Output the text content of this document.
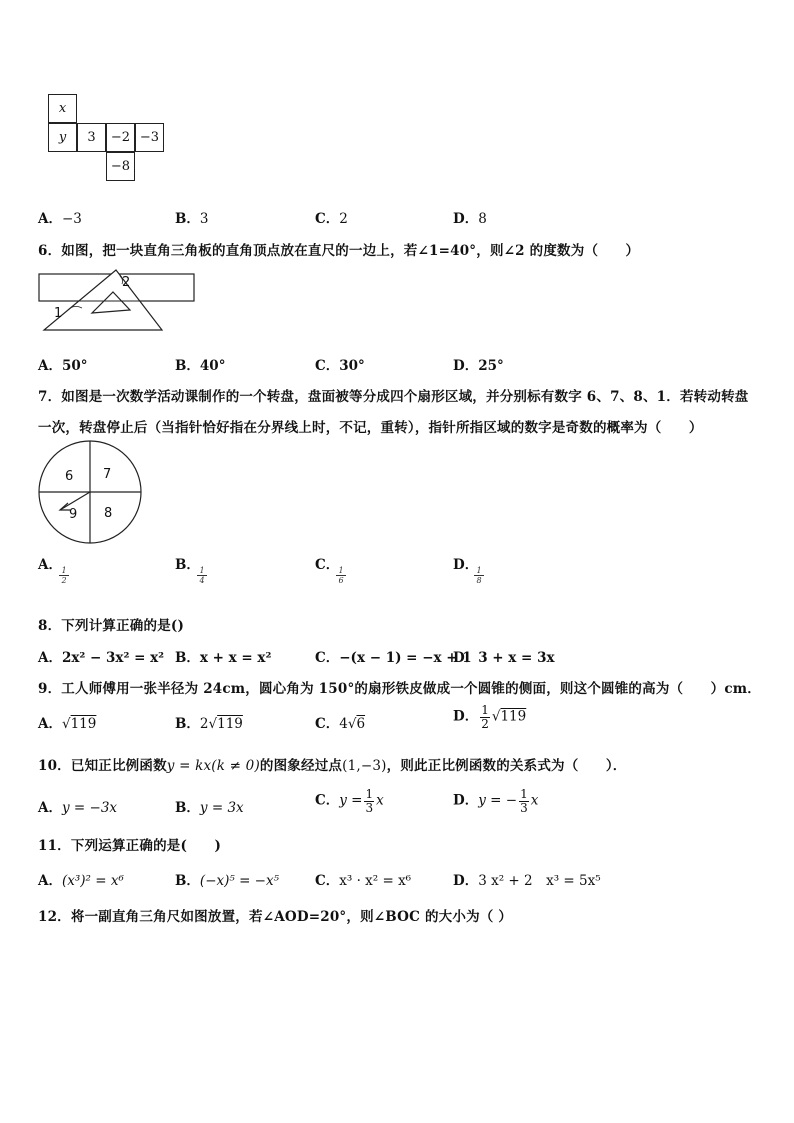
x
y	3	−2 −3
−8
A．−3	B．3	C．2	D．8
6．如图，把一块直角三角板的直角顶点放在直尺的一边上，若∠1=40°，则∠2 的度数为（　　）
1
2
A．50°	B．40°	C．30°	D．25°
7．如图是一次数学活动课制作的一个转盘，盘面被等分成四个扇形区域，并分别标有数字 6、7、8、1．若转动转盘
一次，转盘停止后（当指针恰好指在分界线上时，不记，重转），指针所指区域的数字是奇数的概率为（　　）
6 7
9 8
A．
$\frac{1}{2}$
B．
$\frac{1}{4}$
C．
$\frac{1}{6}$
D．
$\frac{1}{8}$
8．下列计算正确的是()
A．2x² − 3x² = x² B．x + x = x²	C．−(x − 1) = −x + 1
D．3 + x = 3x
9．工人师傅用一张半径为 24cm，圆心角为 150°的扇形铁皮做成一个圆锥的侧面，则这个圆锥的高为（　　）cm．
A．√119	B．2√119	C．4√6	D． $\frac{1}{2} √119$
10．已知正比例函数y = kx(k ≠ 0)的图象经过点(1,−3)，则此正比例函数的关系式为（　　）．
A．y = −3x	B．y = 3x	C．$y = \frac{1}{3}$ x	D．y = − $\frac{1}{3}$ x
11．下列运算正确的是(　　)
A．(x³)² = x⁶	B．(−x)⁵ = −x⁵	C．x³ · x² = x⁶	D．3 x² + 2　x³ = 5x⁵
12．将一副直角三角尺如图放置，若∠AOD=20°，则∠BOC 的大小为（ ）
